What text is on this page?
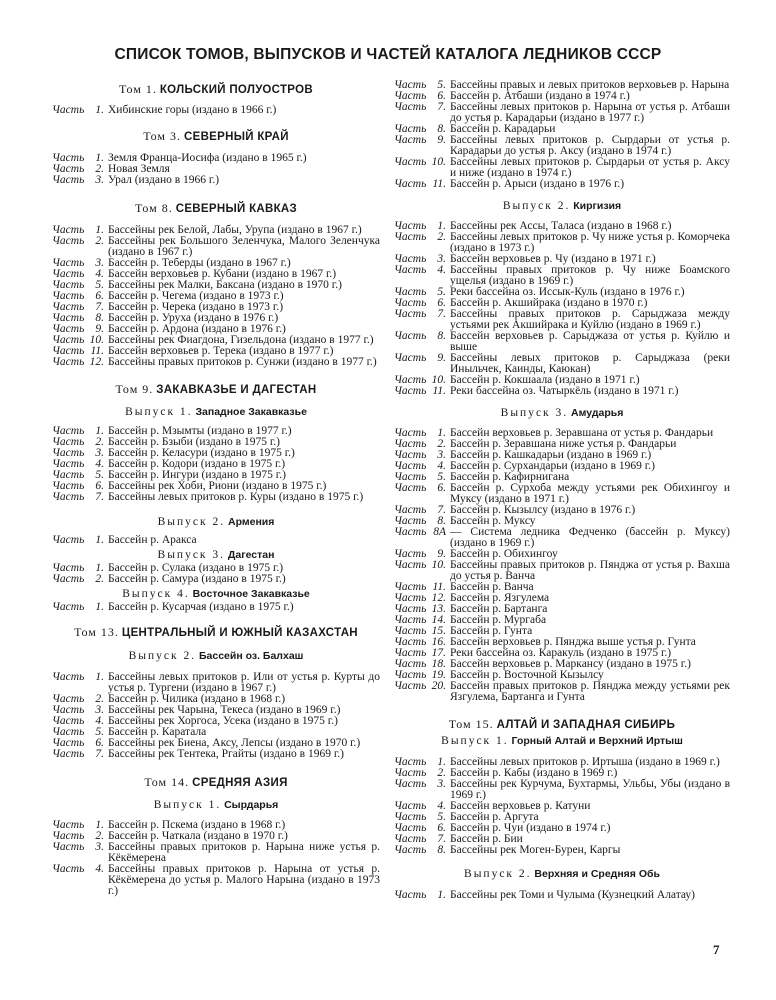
СПИСОК ТОМОВ, ВЫПУСКОВ И ЧАСТЕЙ КАТАЛОГА ЛЕДНИКОВ СССР
Том 1. КОЛЬСКИЙ ПОЛУОСТРОВ
Часть 1. Хибинские горы (издано в 1966 г.)
Том 3. СЕВЕРНЫЙ КРАЙ
Часть 1. Земля Франца-Иосифа (издано в 1965 г.)
Часть 2. Новая Земля
Часть 3. Урал (издано в 1966 г.)
Том 8. СЕВЕРНЫЙ КАВКАЗ
Часть 1. Бассейны рек Белой, Лабы, Урупа (издано в 1967 г.)
Часть 2. Бассейны рек Большого Зеленчука, Малого Зеленчука (издано в 1967 г.)
Часть 3. Бассейн р. Теберды (издано в 1967 г.)
Часть 4. Бассейн верховьев р. Кубани (издано в 1967 г.)
Часть 5. Бассейны рек Малки, Баксана (издано в 1970 г.)
Часть 6. Бассейн р. Чегема (издано в 1973 г.)
Часть 7. Бассейн р. Черека (издано в 1973 г.)
Часть 8. Бассейн р. Уруха (издано в 1976 г.)
Часть 9. Бассейн р. Ардона (издано в 1976 г.)
Часть 10. Бассейны рек Фиагдона, Гизельдона (издано в 1977 г.)
Часть 11. Бассейн верховьев р. Терека (издано в 1977 г.)
Часть 12. Бассейны правых притоков р. Сунжи (издано в 1977 г.)
Том 9. ЗАКАВКАЗЬЕ И ДАГЕСТАН
Выпуск 1. Западное Закавказье
Часть 1. Бассейн р. Мзымты (издано в 1977 г.)
Часть 2. Бассейн р. Бзыби (издано в 1975 г.)
Часть 3. Бассейн р. Келасури (издано в 1975 г.)
Часть 4. Бассейн р. Кодори (издано в 1975 г.)
Часть 5. Бассейн р. Ингури (издано в 1975 г.)
Часть 6. Бассейны рек Хоби, Риони (издано в 1975 г.)
Часть 7. Бассейны левых притоков р. Куры (издано в 1975 г.)
Выпуск 2. Армения
Часть 1. Бассейн р. Аракса
Выпуск 3. Дагестан
Часть 1. Бассейн р. Сулака (издано в 1975 г.)
Часть 2. Бассейн р. Самура (издано в 1975 г.)
Выпуск 4. Восточное Закавказье
Часть 1. Бассейн р. Кусарчая (издано в 1975 г.)
Том 13. ЦЕНТРАЛЬНЫЙ И ЮЖНЫЙ КАЗАХСТАН
Выпуск 2. Бассейн оз. Балхаш
Часть 1. Бассейны левых притоков р. Или от устья р. Курты до устья р. Тургени (издано в 1967 г.)
Часть 2. Бассейн р. Чилика (издано в 1968 г.)
Часть 3. Бассейны рек Чарына, Текеса (издано в 1969 г.)
Часть 4. Бассейны рек Хоргоса, Усека (издано в 1975 г.)
Часть 5. Бассейн р. Каратала
Часть 6. Бассейны рек Биена, Аксу, Лепсы (издано в 1970 г.)
Часть 7. Бассейны рек Тентека, Ргайты (издано в 1969 г.)
Том 14. СРЕДНЯЯ АЗИЯ
Выпуск 1. Сырдарья
Часть 1. Бассейн р. Пскема (издано в 1968 г.)
Часть 2. Бассейн р. Чаткала (издано в 1970 г.)
Часть 3. Бассейны правых притоков р. Нарына ниже устья р. Кёкёмерена
Часть 4. Бассейны правых притоков р. Нарына от устья р. Кёкёмерена до устья р. Малого Нарына (издано в 1973 г.)
Часть 5. Бассейны правых и левых притоков верховьев р. Нарына
Часть 6. Бассейн р. Атбаши (издано в 1974 г.)
Часть 7. Бассейны левых притоков р. Нарына от устья р. Атбаши до устья р. Карадарьи (издано в 1977 г.)
Часть 8. Бассейн р. Карадарьи
Часть 9. Бассейны левых притоков р. Сырдарьи от устья р. Карадарьи до устья р. Аксу (издано в 1974 г.)
Часть 10. Бассейны левых притоков р. Сырдарьи от устья р. Аксу и ниже (издано в 1974 г.)
Часть 11. Бассейн р. Арыси (издано в 1976 г.)
Выпуск 2. Киргизия
Часть 1. Бассейны рек Ассы, Таласа (издано в 1968 г.)
Часть 2. Бассейны левых притоков р. Чу ниже устья р. Коморчека (издано в 1973 г.)
Часть 3. Бассейн верховьев р. Чу (издано в 1971 г.)
Часть 4. Бассейны правых притоков р. Чу ниже Боамского ущелья (издано в 1969 г.)
Часть 5. Реки бассейна оз. Иссык-Куль (издано в 1976 г.)
Часть 6. Бассейн р. Акшийрака (издано в 1970 г.)
Часть 7. Бассейны правых притоков р. Сарыджаза между устьями рек Акшийрака и Куйлю (издано в 1969 г.)
Часть 8. Бассейн верховьев р. Сарыджаза от устья р. Куйлю и выше
Часть 9. Бассейны левых притоков р. Сарыджаза (реки Иныльчек, Каинды, Каюкан)
Часть 10. Бассейн р. Кокшаала (издано в 1971 г.)
Часть 11. Реки бассейна оз. Чатыркёль (издано в 1971 г.)
Выпуск 3. Амударья
Часть 1. Бассейн верховьев р. Зеравшана от устья р. Фандарьи
Часть 2. Бассейн р. Зеравшана ниже устья р. Фандарьи
Часть 3. Бассейн р. Кашкадарьи (издано в 1969 г.)
Часть 4. Бассейн р. Сурхандарьи (издано в 1969 г.)
Часть 5. Бассейн р. Кафирнигана
Часть 6. Бассейн р. Сурхоба между устьями рек Обихингоу и Муксу (издано в 1971 г.)
Часть 7. Бассейн р. Кызылсу (издано в 1976 г.)
Часть 8. Бассейн р. Муксу
Часть 8А — Система ледника Федченко (бассейн р. Муксу) (издано в 1969 г.)
Часть 9. Бассейн р. Обихингоу
Часть 10. Бассейны правых притоков р. Пянджа от устья р. Вахша до устья р. Ванча
Часть 11. Бассейн р. Ванча
Часть 12. Бассейн р. Язгулема
Часть 13. Бассейн р. Бартанга
Часть 14. Бассейн р. Мургаба
Часть 15. Бассейн р. Гунта
Часть 16. Бассейн верховьев р. Пянджа выше устья р. Гунта
Часть 17. Реки бассейна оз. Каракуль (издано в 1975 г.)
Часть 18. Бассейн верховьев р. Маркансу (издано в 1975 г.)
Часть 19. Бассейн р. Восточной Кызылсу
Часть 20. Бассейн правых притоков р. Пянджа между устьями рек Язгулема, Бартанга и Гунта
Том 15. АЛТАЙ И ЗАПАДНАЯ СИБИРЬ
Выпуск 1. Горный Алтай и Верхний Иртыш
Часть 1. Бассейны левых притоков р. Иртыша (издано в 1969 г.)
Часть 2. Бассейн р. Кабы (издано в 1969 г.)
Часть 3. Бассейны рек Курчума, Бухтармы, Ульбы, Убы (издано в 1969 г.)
Часть 4. Бассейн верховьев р. Катуни
Часть 5. Бассейн р. Аргута
Часть 6. Бассейн р. Чуи (издано в 1974 г.)
Часть 7. Бассейн р. Бии
Часть 8. Бассейны рек Моген-Бурен, Каргы
Выпуск 2. Верхняя и Средняя Обь
Часть 1. Бассейны рек Томи и Чулыма (Кузнецкий Алатау)
7
